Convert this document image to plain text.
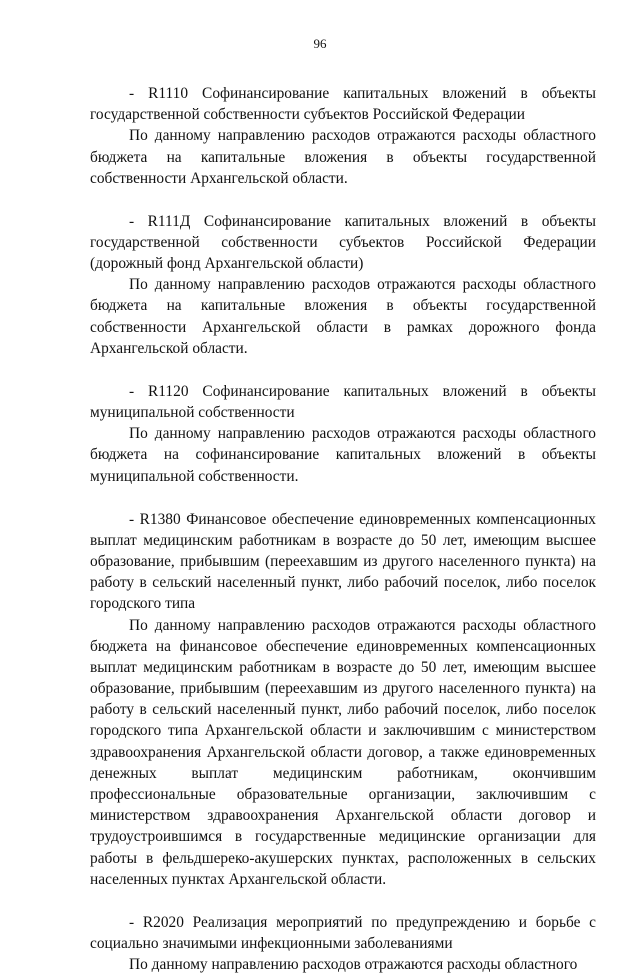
96
- R1110 Софинансирование капитальных вложений в объекты
государственной собственности субъектов Российской Федерации
По данному направлению расходов отражаются расходы областного
бюджета на капитальные вложения в объекты государственной
собственности Архангельской области.
- R111Д Софинансирование капитальных вложений в объекты
государственной собственности субъектов Российской Федерации
(дорожный фонд Архангельской области)
По данному направлению расходов отражаются расходы областного
бюджета на капитальные вложения в объекты государственной
собственности Архангельской области в рамках дорожного фонда
Архангельской области.
- R1120 Софинансирование капитальных вложений в объекты
муниципальной собственности
По данному направлению расходов отражаются расходы областного
бюджета на софинансирование капитальных вложений в объекты
муниципальной собственности.
- R1380 Финансовое обеспечение единовременных компенсационных
выплат медицинским работникам в возрасте до 50 лет, имеющим высшее
образование, прибывшим (переехавшим из другого населенного пункта) на
работу в сельский населенный пункт, либо рабочий поселок, либо поселок
городского типа
По данному направлению расходов отражаются расходы областного
бюджета на финансовое обеспечение единовременных компенсационных
выплат медицинским работникам в возрасте до 50 лет, имеющим высшее
образование, прибывшим (переехавшим из другого населенного пункта) на
работу в сельский населенный пункт, либо рабочий поселок, либо поселок
городского типа Архангельской области и заключившим с министерством
здравоохранения Архангельской области договор, а также единовременных
денежных выплат медицинским работникам, окончившим
профессиональные образовательные организации, заключившим с
министерством здравоохранения Архангельской области договор и
трудоустроившимся в государственные медицинские организации для
работы в фельдшереко-акушерских пунктах, расположенных в сельских
населенных пунктах Архангельской области.
- R2020 Реализация мероприятий по предупреждению и борьбе с
социально значимыми инфекционными заболеваниями
По данному направлению расходов отражаются расходы областного
